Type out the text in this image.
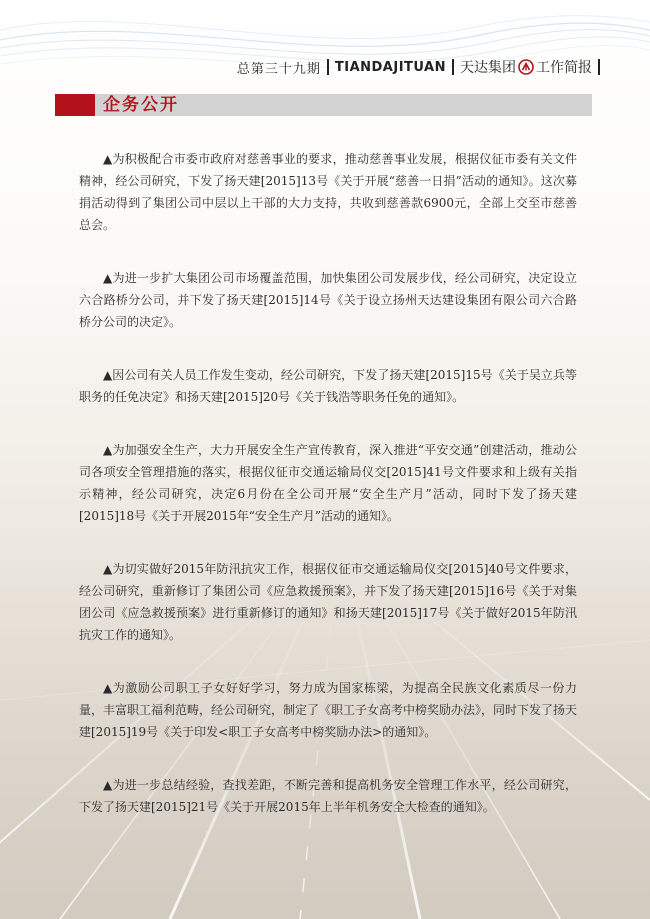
总第三十九期 TIANDAJITUAN 天达集团 工作简报
企务公开

▲为积极配合市委市政府对慈善事业的要求，推动慈善事业发展，根据仪征市委有关文件精神，经公司研究，下发了扬天建[2015]13号《关于开展“慈善一日捐”活动的通知》。这次募捐活动得到了集团公司中层以上干部的大力支持，共收到慈善款6900元，全部上交至市慈善总会。

▲为进一步扩大集团公司市场覆盖范围，加快集团公司发展步伐，经公司研究，决定设立六合路桥分公司，并下发了扬天建[2015]14号《关于设立扬州天达建设集团有限公司六合路桥分公司的决定》。

▲因公司有关人员工作发生变动，经公司研究，下发了扬天建[2015]15号《关于吴立兵等职务的任免决定》和扬天建[2015]20号《关于钱浩等职务任免的通知》。

▲为加强安全生产，大力开展安全生产宣传教育，深入推进“平安交通”创建活动，推动公司各项安全管理措施的落实，根据仪征市交通运输局仪交[2015]41号文件要求和上级有关指示精神，经公司研究，决定6月份在全公司开展“安全生产月”活动，同时下发了扬天建[2015]18号《关于开展2015年“安全生产月”活动的通知》。

▲为切实做好2015年防汛抗灾工作，根据仪征市交通运输局仪交[2015]40号文件要求，经公司研究，重新修订了集团公司《应急救援预案》，并下发了扬天建[2015]16号《关于对集团公司《应急救援预案》进行重新修订的通知》和扬天建[2015]17号《关于做好2015年防汛抗灾工作的通知》。

▲为激励公司职工子女好好学习，努力成为国家栋梁，为提高全民族文化素质尽一份力量，丰富职工福利范畴，经公司研究，制定了《职工子女高考中榜奖励办法》，同时下发了扬天建[2015]19号《关于印发<职工子女高考中榜奖励办法>的通知》。

▲为进一步总结经验，查找差距，不断完善和提高机务安全管理工作水平，经公司研究，下发了扬天建[2015]21号《关于开展2015年上半年机务安全大检查的通知》。
